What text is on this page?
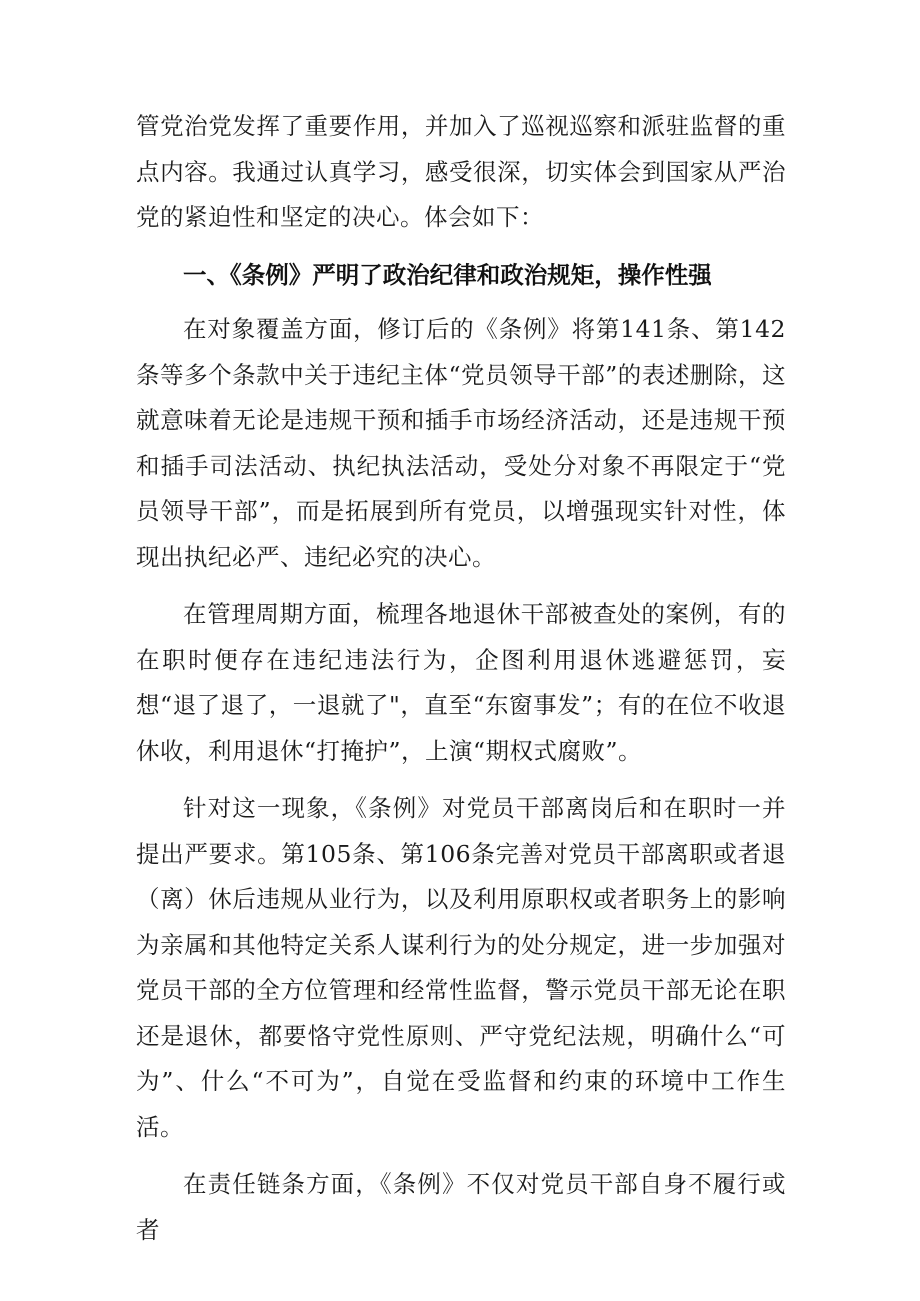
管党治党发挥了重要作用，并加入了巡视巡察和派驻监督的重点内容。我通过认真学习，感受很深，切实体会到国家从严治党的紧迫性和坚定的决心。体会如下：

一、《条例》严明了政治纪律和政治规矩，操作性强

在对象覆盖方面，修订后的《条例》将第141条、第142条等多个条款中关于违纪主体“党员领导干部”的表述删除，这就意味着无论是违规干预和插手市场经济活动，还是违规干预和插手司法活动、执纪执法活动，受处分对象不再限定于“党员领导干部”，而是拓展到所有党员，以增强现实针对性，体现出执纪必严、违纪必究的决心。

在管理周期方面，梳理各地退休干部被查处的案例，有的在职时便存在违纪违法行为，企图利用退休逃避惩罚，妄想“退了退了，一退就了"，直至“东窗事发”；有的在位不收退休收，利用退休“打掩护”，上演“期权式腐败”。

针对这一现象，《条例》对党员干部离岗后和在职时一并提出严要求。第105条、第106条完善对党员干部离职或者退（离）休后违规从业行为，以及利用原职权或者职务上的影响为亲属和其他特定关系人谋利行为的处分规定，进一步加强对党员干部的全方位管理和经常性监督，警示党员干部无论在职还是退休，都要恪守党性原则、严守党纪法规，明确什么“可为”、什么“不可为”，自觉在受监督和约束的环境中工作生活。

在责任链条方面，《条例》不仅对党员干部自身不履行或者
